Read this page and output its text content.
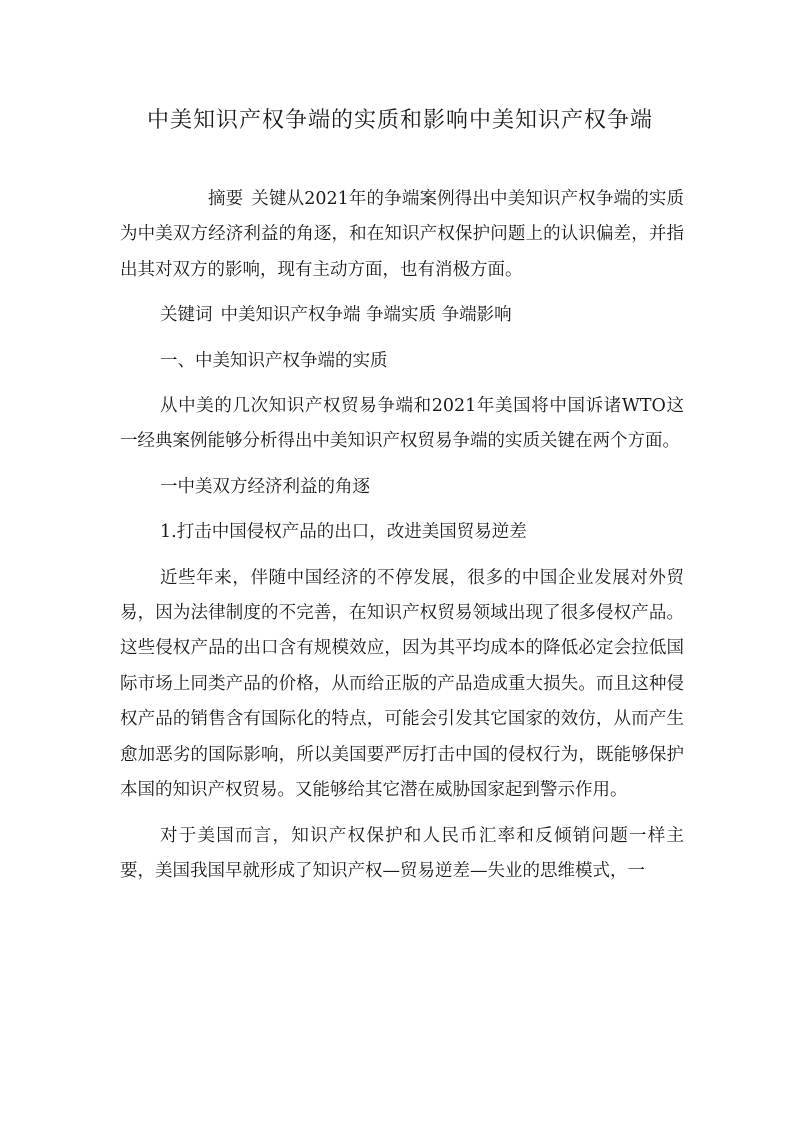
中美知识产权争端的实质和影响中美知识产权争端

摘要 关键从2021年的争端案例得出中美知识产权争端的实质为中美双方经济利益的角逐，和在知识产权保护问题上的认识偏差，并指出其对双方的影响，现有主动方面，也有消极方面。

关键词 中美知识产权争端 争端实质 争端影响

一、中美知识产权争端的实质

从中美的几次知识产权贸易争端和2021年美国将中国诉诸WTO这一经典案例能够分析得出中美知识产权贸易争端的实质关键在两个方面。

一中美双方经济利益的角逐

1.打击中国侵权产品的出口，改进美国贸易逆差

近些年来，伴随中国经济的不停发展，很多的中国企业发展对外贸易，因为法律制度的不完善，在知识产权贸易领域出现了很多侵权产品。这些侵权产品的出口含有规模效应，因为其平均成本的降低必定会拉低国际市场上同类产品的价格，从而给正版的产品造成重大损失。而且这种侵权产品的销售含有国际化的特点，可能会引发其它国家的效仿，从而产生愈加恶劣的国际影响，所以美国要严厉打击中国的侵权行为，既能够保护本国的知识产权贸易。又能够给其它潜在威胁国家起到警示作用。

对于美国而言，知识产权保护和人民币汇率和反倾销问题一样主要，美国我国早就形成了知识产权—贸易逆差—失业的思维模式，一
